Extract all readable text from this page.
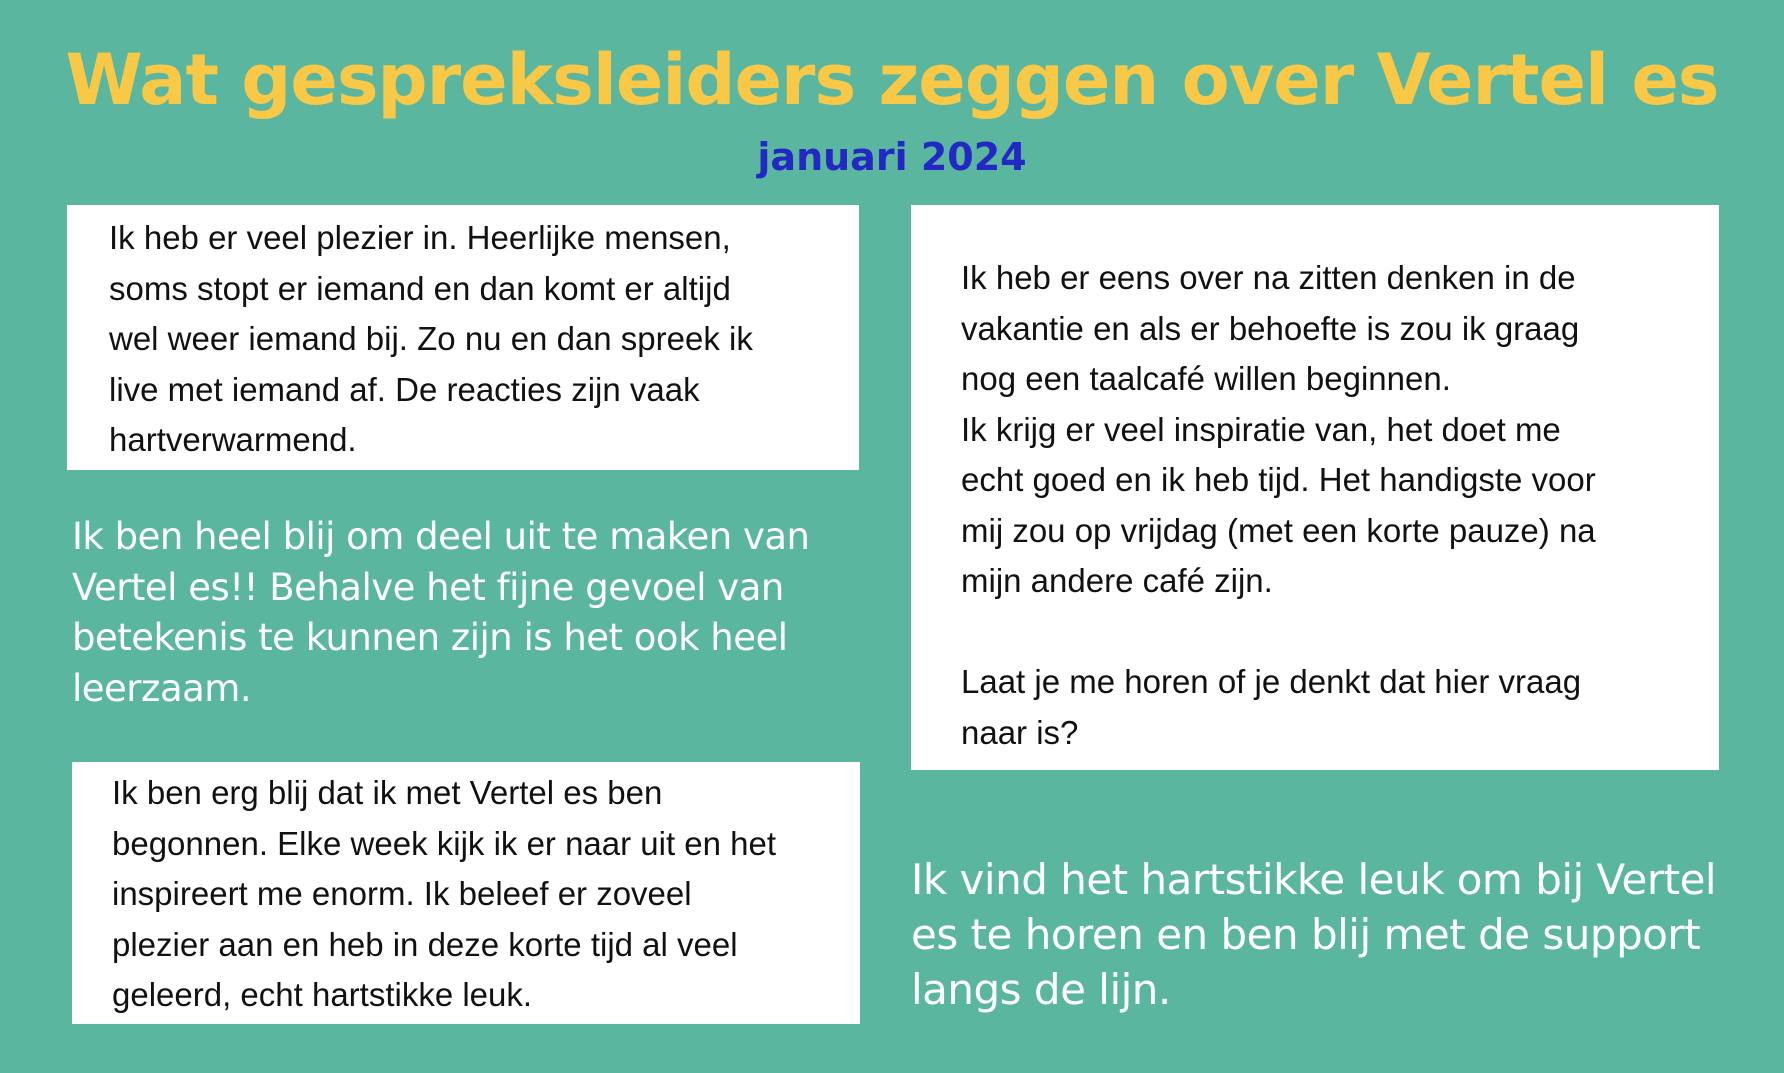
Wat gespreksleiders zeggen over Vertel es
januari 2024

Ik heb er veel plezier in. Heerlijke mensen,
soms stopt er iemand en dan komt er altijd
wel weer iemand bij. Zo nu en dan spreek ik
live met iemand af. De reacties zijn vaak
hartverwarmend.

Ik heb er eens over na zitten denken in de
vakantie en als er behoefte is zou ik graag
nog een taalcafé willen beginnen.
Ik krijg er veel inspiratie van, het doet me
echt goed en ik heb tijd. Het handigste voor
mij zou op vrijdag (met een korte pauze) na
mijn andere café zijn.

Laat je me horen of je denkt dat hier vraag
naar is?

Ik ben heel blij om deel uit te maken van
Vertel es!! Behalve het fijne gevoel van
betekenis te kunnen zijn is het ook heel
leerzaam.

Ik ben erg blij dat ik met Vertel es ben
begonnen. Elke week kijk ik er naar uit en het
inspireert me enorm. Ik beleef er zoveel
plezier aan en heb in deze korte tijd al veel
geleerd, echt hartstikke leuk.

Ik vind het hartstikke leuk om bij Vertel
es te horen en ben blij met de support
langs de lijn.
